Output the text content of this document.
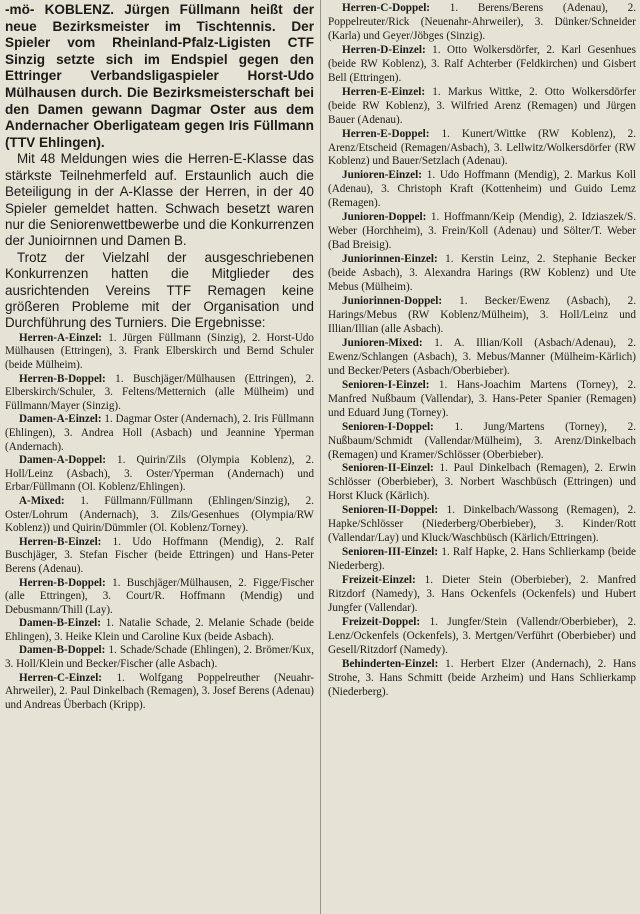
-mö- KOBLENZ. Jürgen Füllmann heißt der neue Bezirksmeister im Tischtennis. Der Spieler vom Rheinland-Pfalz-Ligisten CTF Sinzig setzte sich im Endspiel gegen den Ettringer Verbandsligaspieler Horst-Udo Mülhausen durch. Die Bezirksmeisterschaft bei den Damen gewann Dagmar Oster aus dem Andernacher Oberligateam gegen Iris Füllmann (TTV Ehlingen).

Mit 48 Meldungen wies die Herren-E-Klasse das stärkste Teilnehmerfeld auf. Erstaunlich auch die Beteiligung in der A-Klasse der Herren, in der 40 Spieler gemeldet hatten. Schwach besetzt waren nur die Seniorenwettbewerbe und die Konkurrenzen der Junioirnnen und Damen B.

Trotz der Vielzahl der ausgeschriebenen Konkurrenzen hatten die Mitglieder des ausrichtenden Vereins TTF Remagen keine größeren Probleme mit der Organisation und Durchführung des Turniers. Die Ergebnisse:

Herren-A-Einzel: 1. Jürgen Füllmann (Sinzig), 2. Horst-Udo Mülhausen (Ettringen), 3. Frank Elberskirch und Bernd Schuler (beide Mülheim).

Herren-B-Doppel: 1. Buschjäger/Mülhausen (Ettringen), 2. Elberskirch/Schuler, 3. Feltens/Metternich (alle Mülheim) und Füllmann/Mayer (Sinzig).

Damen-A-Einzel: 1. Dagmar Oster (Andernach), 2. Iris Füllmann (Ehlingen), 3. Andrea Holl (Asbach) und Jeannine Yperman (Andernach).

Damen-A-Doppel: 1. Quirin/Zils (Olympia Koblenz), 2. Holl/Leinz (Asbach), 3. Oster/Yperman (Andernach) und Erbar/Füllmann (Ol. Koblenz/Ehlingen).

A-Mixed: 1. Füllmann/Füllmann (Ehlingen/Sinzig), 2. Oster/Lohrum (Andernach), 3. Zils/Gesenhues (Olympia/RW Koblenz)) und Quirin/Dümmler (Ol. Koblenz/Torney).

Herren-B-Einzel: 1. Udo Hoffmann (Mendig), 2. Ralf Buschjäger, 3. Stefan Fischer (beide Ettringen) und Hans-Peter Berens (Adenau).

Herren-B-Doppel: 1. Buschjäger/Mülhausen, 2. Figge/Fischer (alle Ettringen), 3. Court/R. Hoffmann (Mendig) und Debusmann/Thill (Lay).

Damen-B-Einzel: 1. Natalie Schade, 2. Melanie Schade (beide Ehlingen), 3. Heike Klein und Caroline Kux (beide Asbach).

Damen-B-Doppel: 1. Schade/Schade (Ehlingen), 2. Brömer/Kux, 3. Holl/Klein und Becker/Fischer (alle Asbach).

Herren-C-Einzel: 1. Wolfgang Poppelreuther (Neuahr-Ahrweiler), 2. Paul Dinkelbach (Remagen), 3. Josef Berens (Adenau) und Andreas Überbach (Kripp).

Herren-C-Doppel: 1. Berens/Berens (Adenau), 2. Poppelreuter/Rick (Neuenahr-Ahrweiler), 3. Dünker/Schneider (Karla) und Geyer/Jöbges (Sinzig).

Herren-D-Einzel: 1. Otto Wolkersdörfer, 2. Karl Gesenhues (beide RW Koblenz), 3. Ralf Achterber (Feldkirchen) und Gisbert Bell (Ettringen).

Herren-E-Einzel: 1. Markus Wittke, 2. Otto Wolkersdörfer (beide RW Koblenz), 3. Wilfried Arenz (Remagen) und Jürgen Bauer (Adenau).

Herren-E-Doppel: 1. Kunert/Wittke (RW Koblenz), 2. Arenz/Etscheid (Remagen/Asbach), 3. Lellwitz/Wolkersdörfer (RW Koblenz) und Bauer/Setzlach (Adenau).

Junioren-Einzel: 1. Udo Hoffmann (Mendig), 2. Markus Koll (Adenau), 3. Christoph Kraft (Kottenheim) und Guido Lemz (Remagen).

Junioren-Doppel: 1. Hoffmann/Keip (Mendig), 2. Idziaszek/S. Weber (Horchheim), 3. Frein/Koll (Adenau) und Sölter/T. Weber (Bad Breisig).

Juniorinnen-Einzel: 1. Kerstin Leinz, 2. Stephanie Becker (beide Asbach), 3. Alexandra Harings (RW Koblenz) und Ute Mebus (Mülheim).

Juniorinnen-Doppel: 1. Becker/Ewenz (Asbach), 2. Harings/Mebus (RW Koblenz/Mülheim), 3. Holl/Leinz und Illian/Illian (alle Asbach).

Junioren-Mixed: 1. A. Illian/Koll (Asbach/Adenau), 2. Ewenz/Schlangen (Asbach), 3. Mebus/Manner (Mülheim-Kärlich) und Becker/Peters (Asbach/Oberbieber).

Senioren-I-Einzel: 1. Hans-Joachim Martens (Torney), 2. Manfred Nußbaum (Vallendar), 3. Hans-Peter Spanier (Remagen) und Eduard Jung (Torney).

Senioren-I-Doppel: 1. Jung/Martens (Torney), 2. Nußbaum/Schmidt (Vallendar/Mülheim), 3. Arenz/Dinkelbach (Remagen) und Kramer/Schlösser (Oberbieber).

Senioren-II-Einzel: 1. Paul Dinkelbach (Remagen), 2. Erwin Schlösser (Oberbieber), 3. Norbert Waschbüsch (Ettringen) und Horst Kluck (Kärlich).

Senioren-II-Doppel: 1. Dinkelbach/Wassong (Remagen), 2. Hapke/Schlösser (Niederberg/Oberbieber), 3. Kinder/Rott (Vallendar/Lay) und Kluck/Waschbüsch (Kärlich/Ettringen).

Senioren-III-Einzel: 1. Ralf Hapke, 2. Hans Schlierkamp (beide Niederberg).

Freizeit-Einzel: 1. Dieter Stein (Oberbieber), 2. Manfred Ritzdorf (Namedy), 3. Hans Ockenfels (Ockenfels) und Hubert Jungfer (Vallendar).

Freizeit-Doppel: 1. Jungfer/Stein (Vallendr/Oberbieber), 2. Lenz/Ockenfels (Ockenfels), 3. Mertgen/Verführt (Oberbieber) und Gesell/Ritzdorf (Namedy).

Behinderten-Einzel: 1. Herbert Elzer (Andernach), 2. Hans Strohe, 3. Hans Schmitt (beide Arzheim) und Hans Schlierkamp (Niederberg).
